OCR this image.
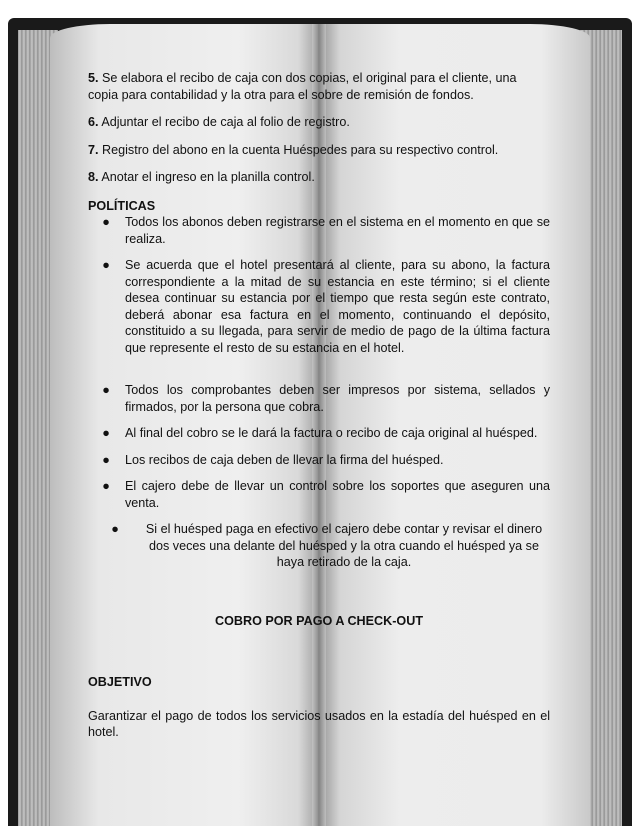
5. Se elabora el recibo de caja con dos copias, el original para el cliente, una copia para contabilidad y la otra para el sobre de remisión de fondos.

6. Adjuntar el recibo de caja al folio de registro.

7. Registro del abono en la cuenta Huéspedes para su respectivo control.

8. Anotar el ingreso en la planilla control.

POLÍTICAS

● Todos los abonos deben registrarse en el sistema en el momento en que se realiza.
● Se acuerda que el hotel presentará al cliente, para su abono, la factura correspondiente a la mitad de su estancia en este término; si el cliente desea continuar su estancia por el tiempo que resta según este contrato, deberá abonar esa factura en el momento, continuando el depósito, constituido a su llegada, para servir de medio de pago de la última factura que represente el resto de su estancia en el hotel.
● Todos los comprobantes deben ser impresos por sistema, sellados y firmados, por la persona que cobra.
● Al final del cobro se le dará la factura o recibo de caja original al huésped.
● Los recibos de caja deben de llevar la firma del huésped.
● El cajero debe de llevar un control sobre los soportes que aseguren una venta.
● Si el huésped paga en efectivo el cajero debe contar y revisar el dinero dos veces una delante del huésped y la otra cuando el huésped ya se haya retirado de la caja.

COBRO POR PAGO A CHECK-OUT

OBJETIVO

Garantizar el pago de todos los servicios usados en la estadía del huésped en el hotel.
